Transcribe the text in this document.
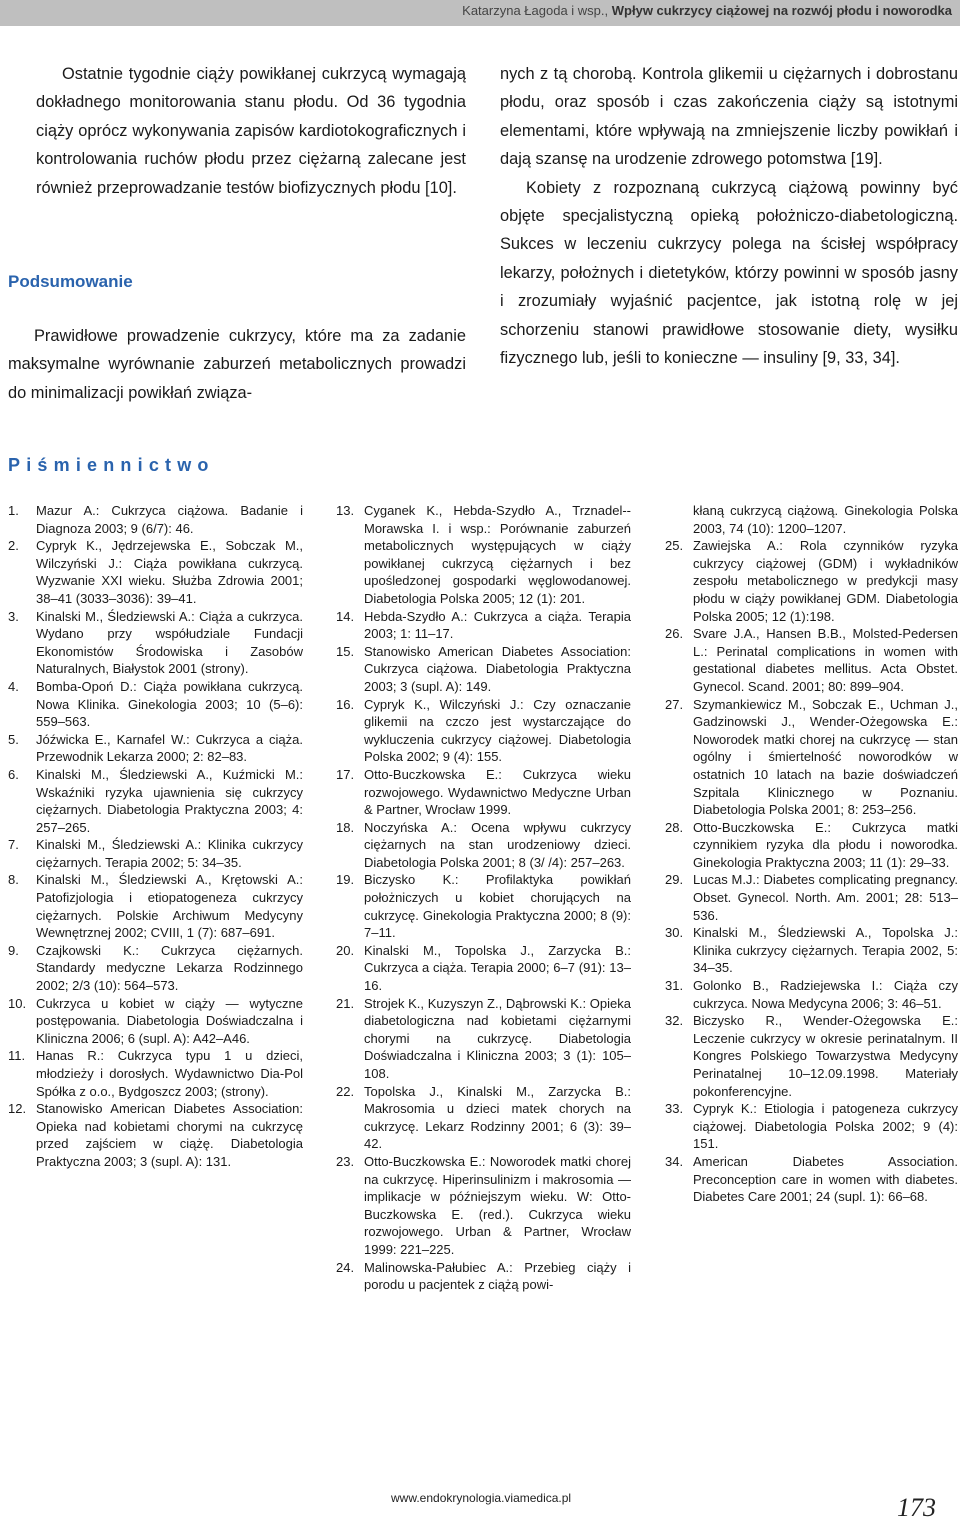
Katarzyna Łagoda i wsp., Wpływ cukrzycy ciążowej na rozwój płodu i noworodka

Ostatnie tygodnie ciąży powikłanej cukrzycą wymagają dokładnego monitorowania stanu płodu. Od 36 tygodnia ciąży oprócz wykonywania zapisów kardiotokograficznych i kontrolowania ruchów płodu przez ciężarną zalecane jest również przeprowadzanie testów biofizycznych płodu [10].

Podsumowanie

Prawidłowe prowadzenie cukrzycy, które ma za zadanie maksymalne wyrównanie zaburzeń metabolicznych prowadzi do minimalizacji powikłań związa-

nych z tą chorobą. Kontrola glikemii u ciężarnych i dobrostanu płodu, oraz sposób i czas zakończenia ciąży są istotnymi elementami, które wpływają na zmniejszenie liczby powikłań i dają szansę na urodzenie zdrowego potomstwa [19].

Kobiety z rozpoznaną cukrzycą ciążową powinny być objęte specjalistyczną opieką położniczo-diabetologiczną. Sukces w leczeniu cukrzycy polega na ścisłej współpracy lekarzy, położnych i dietetyków, którzy powinni w sposób jasny i zrozumiały wyjaśnić pacjentce, jak istotną rolę w jej schorzeniu stanowi prawidłowe stosowanie diety, wysiłku fizycznego lub, jeśli to konieczne — insuliny [9, 33, 34].

Piśmiennictwo
1. Mazur A.: Cukrzyca ciążowa. Badanie i Diagnoza 2003; 9 (6/7): 46.
2. Cypryk K., Jędrzejewska E., Sobczak M., Wilczyński J.: Ciąża powikłana cukrzycą. Wyzwanie XXI wieku. Służba Zdrowia 2001; 38–41 (3033–3036): 39–41.
3. Kinalski M., Śledziewski A.: Ciąża a cukrzyca. Wydano przy współudziale Fundacji Ekonomistów Środowiska i Zasobów Naturalnych, Białystok 2001 (strony).
4. Bomba-Opoń D.: Ciąża powikłana cukrzycą. Nowa Klinika. Ginekologia 2003; 10 (5–6): 559–563.
5. Jóźwicka E., Karnafel W.: Cukrzyca a ciąża. Przewodnik Lekarza 2000; 2: 82–83.
6. Kinalski M., Śledziewski A., Kuźmicki M.: Wskaźniki ryzyka ujawnienia się cukrzycy ciężarnych. Diabetologia Praktyczna 2003; 4: 257–265.
7. Kinalski M., Śledziewski A.: Klinika cukrzycy ciężarnych. Terapia 2002; 5: 34–35.
8. Kinalski M., Śledziewski A., Krętowski A.: Patofizjologia i etiopatogeneza cukrzycy ciężarnych. Polskie Archiwum Medycyny Wewnętrznej 2002; CVIII, 1 (7): 687–691.
9. Czajkowski K.: Cukrzyca ciężarnych. Standardy medyczne Lekarza Rodzinnego 2002; 2/3 (10): 564–573.
10. Cukrzyca u kobiet w ciąży — wytyczne postępowania. Diabetologia Doświadczalna i Kliniczna 2006; 6 (supl. A): A42–A46.
11. Hanas R.: Cukrzyca typu 1 u dzieci, młodzieży i dorosłych. Wydawnictwo Dia-Pol Spółka z o.o., Bydgoszcz 2003; (strony).
12. Stanowisko American Diabetes Association: Opieka nad kobietami chorymi na cukrzycę przed zajściem w ciążę. Diabetologia Praktyczna 2003; 3 (supl. A): 131.
13. Cyganek K., Hebda-Szydło A., Trznadel--Morawska I. i wsp.: Porównanie zaburzeń metabolicznych występujących w ciąży powikłanej cukrzycą ciężarnych i bez upośledzonej gospodarki węglowodanowej. Diabetologia Polska 2005; 12 (1): 201.
14. Hebda-Szydło A.: Cukrzyca a ciąża. Terapia 2003; 1: 11–17.
15. Stanowisko American Diabetes Association: Cukrzyca ciążowa. Diabetologia Praktyczna 2003; 3 (supl. A): 149.
16. Cypryk K., Wilczyński J.: Czy oznaczanie glikemii na czczo jest wystarczające do wykluczenia cukrzycy ciążowej. Diabetologia Polska 2002; 9 (4): 155.
17. Otto-Buczkowska E.: Cukrzyca wieku rozwojowego. Wydawnictwo Medyczne Urban & Partner, Wrocław 1999.
18. Noczyńska A.: Ocena wpływu cukrzycy ciężarnych na stan urodzeniowy dzieci. Diabetologia Polska 2001; 8 (3/ /4): 257–263.
19. Biczysko K.: Profilaktyka powikłań położniczych u kobiet chorujących na cukrzycę. Ginekologia Praktyczna 2000; 8 (9): 7–11.
20. Kinalski M., Topolska J., Zarzycka B.: Cukrzyca a ciąża. Terapia 2000; 6–7 (91): 13–16.
21. Strojek K., Kuzyszyn Z., Dąbrowski K.: Opieka diabetologiczna nad kobietami ciężarnymi chorymi na cukrzycę. Diabetologia Doświadczalna i Kliniczna 2003; 3 (1): 105–108.
22. Topolska J., Kinalski M., Zarzycka B.: Makrosomia u dzieci matek chorych na cukrzycę. Lekarz Rodzinny 2001; 6 (3): 39–42.
23. Otto-Buczkowska E.: Noworodek matki chorej na cukrzycę. Hiperinsulinizm i makrosomia — implikacje w późniejszym wieku. W: Otto-Buczkowska E. (red.). Cukrzyca wieku rozwojowego. Urban & Partner, Wrocław 1999: 221–225.
24. Malinowska-Pałubiec A.: Przebieg ciąży i porodu u pacjentek z ciążą powi-
kłaną cukrzycą ciążową. Ginekologia Polska 2003, 74 (10): 1200–1207.
25. Zawiejska A.: Rola czynników ryzyka cukrzycy ciążowej (GDM) i wykładników zespołu metabolicznego w predykcji masy płodu w ciąży powikłanej GDM. Diabetologia Polska 2005; 12 (1):198.
26. Svare J.A., Hansen B.B., Molsted-Pedersen L.: Perinatal complications in women with gestational diabetes mellitus. Acta Obstet. Gynecol. Scand. 2001; 80: 899–904.
27. Szymankiewicz M., Sobczak E., Uchman J., Gadzinowski J., Wender-Ożegowska E.: Noworodek matki chorej na cukrzycę — stan ogólny i śmiertelność noworodków w ostatnich 10 latach na bazie doświadczeń Szpitala Klinicznego w Poznaniu. Diabetologia Polska 2001; 8: 253–256.
28. Otto-Buczkowska E.: Cukrzyca matki czynnikiem ryzyka dla płodu i noworodka. Ginekologia Praktyczna 2003; 11 (1): 29–33.
29. Lucas M.J.: Diabetes complicating pregnancy. Obset. Gynecol. North. Am. 2001; 28: 513–536.
30. Kinalski M., Śledziewski A., Topolska J.: Klinika cukrzycy ciężarnych. Terapia 2002, 5: 34–35.
31. Golonko B., Radziejewska I.: Ciąża czy cukrzyca. Nowa Medycyna 2006; 3: 46–51.
32. Biczysko R., Wender-Ożegowska E.: Leczenie cukrzycy w okresie perinatalnym. II Kongres Polskiego Towarzystwa Medycyny Perinatalnej 10–12.09.1998. Materiały pokonferencyjne.
33. Cypryk K.: Etiologia i patogeneza cukrzycy ciążowej. Diabetologia Polska 2002; 9 (4): 151.
34. American Diabetes Association. Preconception care in women with diabetes. Diabetes Care 2001; 24 (supl. 1): 66–68.
www.endokrynologia.viamedica.pl	173
